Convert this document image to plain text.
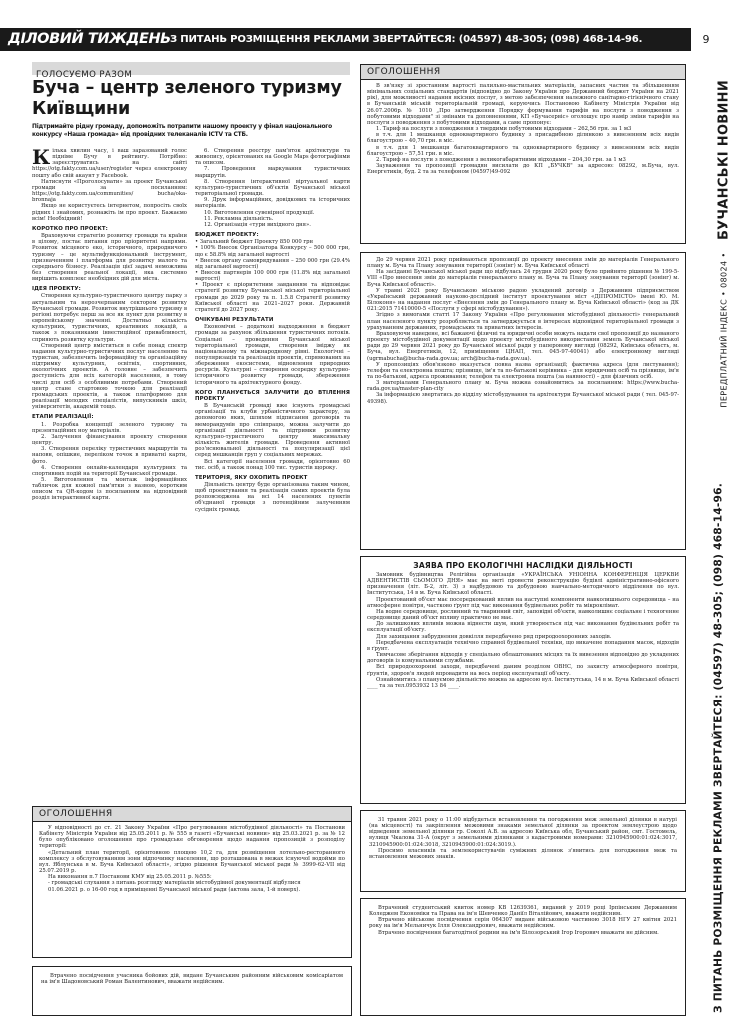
ДІЛОВИЙ ТИЖДЕНЬ З ПИТАНЬ РОЗМІЩЕННЯ РЕКЛАМИ ЗВЕРТАЙТЕСЯ: (04597) 48-305; (098) 468-14-96.	9
БУЧАНСЬКІ НОВИНИ
ПЕРЕДПЛАТНИЙ ІНДЕКС • 08024 •
З ПИТАНЬ РОЗМІЩЕННЯ РЕКЛАМИ ЗВЕРТАЙТЕСЯ: (04597) 48-305; (098) 468-14-96.
ГОЛОСУЄМО РАЗОМ
Буча – центр зеленого туризму Київщини
Підтримайте рідну громаду, допоможіть потрапити нашому проекту у фінал національного конкурсу «Наша громада» від провідних телеканалів ICTV та СТБ.

Кілька хвилин часу, і ваш заразований голос підніме Бучу в рейтингу. Потрібно: зареєструватись на сайті https://otg.fakty.com.ua/user/register через електронну пошту або свій акаунт у Facebook.

Натиснути «Проголосувати» за проект Бучанської громади за посиланням: https://otg.fakty.com.ua/communities/ bucha/oka-bronnaja

Якщо не користуєтесь інтернетом, попросіть своїх рідних і знайомих, рознажіть ім про проект. Бажаємо всім! Необхідний!

КОРОТКО ПРО ПРОЕКТ:

Враховуючи стратегію розвитку громади та країни в цілому, постає питання про пріоритетні напрями. Розвиток місцевого еко, історичного, природничого туризму – це мультифункціональний інструмент, призначенням і платформа для розвитку малого та середнього бізнесу. Реалізація цієї задачі неможлива без створення реальної локації, яка системно вирішить комплекс необхідних дій для міста.

ІДЕЯ ПРОЕКТУ:

Створення культурно-туристичного центру парку з актуальним та нерозчерпаним сектором розвитку Бучанської громади. Розвиток внутрішнього туризму в регіоні потребує перш за все як пункт для розвитку в європейському значенні. Достатньо кількість культурних, туристичних, креативних локацій, а також з показниками інвестиційної привабливості, сприяють розвитку культури.

Створений центр вміститься в себе понад спектр надання культурно-туристичних послуг населенню та туристам, забезпечить інформаційну та організаційну підтримку культурних, освітніх, спортивних, екологічних проектів. А головне – забезпечить доступність для всіх категорій населення, в тому числі для осіб з особливими потребами. Створений центр стане стартовою точкою для реалізації громадських проектів, а також платформою для реалізації молодих спеціалістів, випускників шкіл, університетів, академій тощо.

ЕТАПИ РЕАЛІЗАЦІЇ:

1. Розробка концепції зеленого туризму та презентаційних ноу матеріалів.

2. Залучення фінансування проекту створення центру.

3. Створення переліку туристичних маршрутів та наповн, опішкие, переліком точок в приватні карти, фото.

4. Створення онлайн-календаря культурних та спортивних подій на території Бучанської громади.

5. Виготовлення та монтаж інформаційних табличок для кожної пам'ятки з назвою, коротким описом та QR-кодом із посиланням на відповідний розділ інтерактивної карти.

6. Створення реєстру пам'яток архітектури та живопису, орієнтованих на Google Maps фотографіями та описом.

7. Проведення маркування туристичних маршрутів.

8. Створення інтерактивної віртуальної карти культурно-туристичних об'єктів Бучанської міської територіальної громади.

9. Друк інформаційних, довідкових та історичних матеріалів.

10. Виготовлення сувенірної продукції.

11. Рекламна діяльність.

12. Організація «тури вихідного дня».

БЮДЖЕТ ПРОЕКТУ:

• Загальний бюджет Проекту 850 000 грн

• 100% Внесок Організатора Конкурсу – 500 000 грн, що є 58.8% від загальної вартості

• Внесок органу самоврядування – 250 000 грн (29.4% від загальної вартості)

• Внесок партнерів 100 000 грн (11.8% від загальної вартості)

• Проект є пріоритетним завданням та відповідає стратегії розвитку Бучанської міської територіальної громади до 2029 року та п. 1.5.8 Стратегії розвитку Київської області на 2021–2027 роки. Державній стратегії до 2027 року.

ОЧІКУВАНІ РЕЗУЛЬТАТИ

Економічні – додаткові надходження в бюджет громади за рахунок збільшення туристичних потоків. Соціальні – проведення Бучанської міської територіальної громади, створення іміджу як національному та міжнародному рівні. Екологічні – популяризація та реалізація проектів, спрямованих на збереження екосистеми, відновлення природних ресурсів. Культурні – створення осередку культурно-історичного розвитку громади, збереження історичного та архітектурного фонду.

КОГО ПЛАНУЄТЬСЯ ЗАЛУЧИТИ ДО ВТІЛЕННЯ ПРОЕКТУ

В Бучанській громаді вже існують громадські організації та клуби урбаністичного характеру, за допомогою яких, шляхом підписання договорів та меморандумів про співпрацю, можна залучити до організації діяльності та підтримки розвитку культурно-туристичного центру максимальну кількість жителів громади. Проведення активної роз'яснювальної діяльності та популяризації цієї серед мешканців груп у соціальних мережах.

Всі категорії населення громади, орієнтовно 60 тис. осіб, а також понад 100 тис. туристів щороку.

ТЕРИТОРІЯ, ЯКУ ОХОПИТЬ ПРОЕКТ

Діяльність центру буде організована таким чином, щоб проектування та реалізація самих проектів була розповсюджена на всі 14 населених пунктів об'єднаної громади з потенційним залученням сусідніх громад.

ОГОЛОШЕННЯ

В зв'язку зі зростанням вартості палильно-мастильних матеріалів, запасних частин та збільшенням мінімальних соціальних стандартів (відповідно до Закону України про Державний бюджет України на 2021 рік), для можливості надання якісних послуг, з метою забезпечення належного санітарно-гігієнічного стану в Бучанській міській територіальній громаді, керуючись Постановою Кабінету Міністрів України від 26.07.2006р. № 1010 „Про затвердження Порядку формування тарифів на послуги з поводження з побутовими відходами" зі змінами та доповненнями, КП «Бучасервіс» оголошує про намір зміни тарифів на послуги з поводження з побутовими відходами, а саме пропонує:

1. Тариф на послуги з поводження з твердими побутовими відходами – 262,56 грн. за 1 м3

в т.ч. для 1 мешканця одноквартирного будинку з присадибною ділянкою з вивезенням всіх видів благоустрою – 40,70 грн. в міс.

в т.ч. для 1 мешканця багатоквартирного та одноквартирного будинку з вивезенням всіх видів благоустрою – 57,51 грн. в міс.

2. Тариф на послуги з поводження з великогабаритними відходами – 204,30 грн. за 1 м3

Зауваження та пропозиції громадян висилати до КП „БУЧКВ" за адресою: 08292, м.Буча, вул. Енергетиків, буд. 2 та за телефоном (04597)49-092

До 29 червня 2021 року приймаються пропозиції до проекту внесення змін до матеріалів Генерального плану м. Буча та Плану зонування території (зонінг) м. Буча Київської області

На засіданні Бучанської міської ради що відбулась 24 грудня 2020 року було прийнято рішення № 199-5-VIII «Про внесення змін до матеріалів генерального плану м. Буча та Плану зонування території (зонінг) м. Буча Київської області».

У травні 2021 року Бучанською міською радою укладений договір з Державним підприємством «Український державний науково-дослідний інститут проектування міст «ДІПРОМІСТО» імені Ю. М. Білоконя» на надання послуг «Внесення змін до Генерального плану м. Буча Київської області» (код за ДК 021:2015 71410000-5 «Послуги у сфері містобудування»).

Згідно з вимогами статті 17 Закону України «Про регулювання містобудівної діяльності» генеральний план населеного пункту розробляється та затверджується в інтересах відповідної територіальної громади з урахуванням державних, громадських та приватних інтересів.

Враховуючи наведене, всі бажаючі фізичні та юридичні особи можуть надати свої пропозиції до названого проекту містобудівної документації щодо проекту містобудівного використання земель Бучанської міської ради до 29 червня 2021 року до Бучанської міської ради у паперовому вигляді (08292, Київська область, м. Буча, вул. Енергетиків, 12, приміщення ЦНАП, тел. 045-97-40041) або електронному вигляді (ugrmabucha@bucha-rada.gov.ua; arch@bucha-rada.gov.ua).

У пропозиціях обов'язково вказується повна назва організації; фактична адреса (для листування); телефон та електронна пошта; прізвище, ім'я та по-батькові керівника – для юридичних осіб та прізвище, ім'я та по-батькові, адреса проживання; телефон та електронна пошта (за наявності) – для фізичних осіб.

З матеріалами Генерального плану м. Буча можна ознайомитись за посиланням: https://www.bucha-rada.gov.ua/master-plan-city

За інформацією звертатись до відділу містобудування та архітектури Бучанської міської ради ( тел. 045-97-49398).

ЗАЯВА ПРО ЕКОЛОГІЧНІ НАСЛІДКИ ДІЯЛЬНОСТІ

Замовник будівництва Релігійна організація «УКРАЇНСЬКА УНІОННА КОНФЕРЕНЦІЯ ЦЕРКВИ АДВЕНТИСТІВ СЬОМОГО ДНЯ» має на меті провести реконструкцію будівлі адміністративно-офісного призначення (літ. Б-2, літ. З) з надбудовою та добудовою навчально-методичного відділення по вул. Інститутська, 14 в м. Буча Київської області.

Проектований об'єкт має посередкований вплив на наступні компоненти навколишнього середовища – на атмосферне повітря, частково ґрунт під час виконання будівельних робіт та мікроклімат.

На водне середовище, рослинний та тваринний світ, заповідні об'єкти, навколишнє соціальне і техногенне середовище даний об'єкт впливу практично не має.

До залишкових впливів можна віднести шум, який утворюється під час виконання будівельних робіт та експлуатації об'єкту.

Для захищання забруднення довкілля передбачено ряд природоохоронних заходів.

Передбачена експлуатація технічно справної будівельної техніки, що викачене попадання масок, відходів в ґрунт.

Тимчасове зберігання відходів у спеціально облаштованих місцях та їх вивезення відповідно до укладених договорів із комунальними службами.

Всі природоохоронні заходи, передбачені даним розділом ОВНС, по захисту атмосферного повітря, ґрунтів, здоров'я людей впровадити на весь період експлуатації об'єкту.

Ознайомитись з плануємою діяльністю можна за адресою вул. Інститутська, 14 в м. Буча Київської області ____ та за тел.0953932 13 84 ____.

31 травня 2021 року о 11:00 відбудеться встановлення та погодження меж земельної ділянки в натурі (на місцевості) та закріплення межовими знаками земельної ділянки за проектом землеустрою щодо відведення земельної ділянки гр. Соколі А.В. за адресою Київська обл, Бучанський район, смт. Гостомель, вулиця Чкалова 31-А (округ з земельними ділянками з кадастровими номерами: 3210945900:01:024:3017, 3210945900:01:024:3018, 3210945900:01:024:3019.).

Просимо власників та землекористувачів суміжних ділянок з'явитись для погодження меж та встановлення межових знаків.

Втрачений студентський квиток номер КВ 12639361, виданий у 2019 році Ірпінським Державним Коледжем Економіки та Права на ім'я Шевченко Даніїл Віталійович, вважати недійсним.

Втрачено військове посвідчення серія 064307 видане військовою частиною 3018 НГУ 27 квітня 2021 року на ім'я Мельничук Ілля Олександрович, вважати недійсним.

Втрачено посвідчення багатодітної родини на ім'я Білозорський Ігор Ігорович вважати не дійсним.

ОГОЛОШЕННЯ

У відповідності до ст. 21 Закону України «Про регулювання містобудівної діяльності» та Постанови Кабінету Міністрів України від 25.05.2011 р. № 555 в газеті «Бучанські новини» від 25.03.2021 р. за № 12 було опубліковано оголошення про громадське обговорення щодо надання пропозицій з розподілу території:

«Детальний план території, орієнтовною площею 10,2 га, для розміщення лотельно-ресторанного комплексу з обслуговуванням зони відпочинку населення, що розташована в межах існуючої водойми по вул. Яблунська в м. Буча Київської області», згідно рішення Бучанської міської ради № 3999-62-VII від 25.07.2019 р.

На виконання п.7 Постанови КМУ від 25.05.2011 р. №555:

- громадські слухання з питань розгляду матеріалів містобудівної документації відбулися

01.06.2021 р. о 16-00 год в приміщенні Бучанської міської ради (актова зала, 1-й поверх).

Втрачено посвідчення учасника бойових дій, видане Бучанським районним військовим комісаріатом на ім'я Шадоновський Роман Валентинович, вважати недійсним.
